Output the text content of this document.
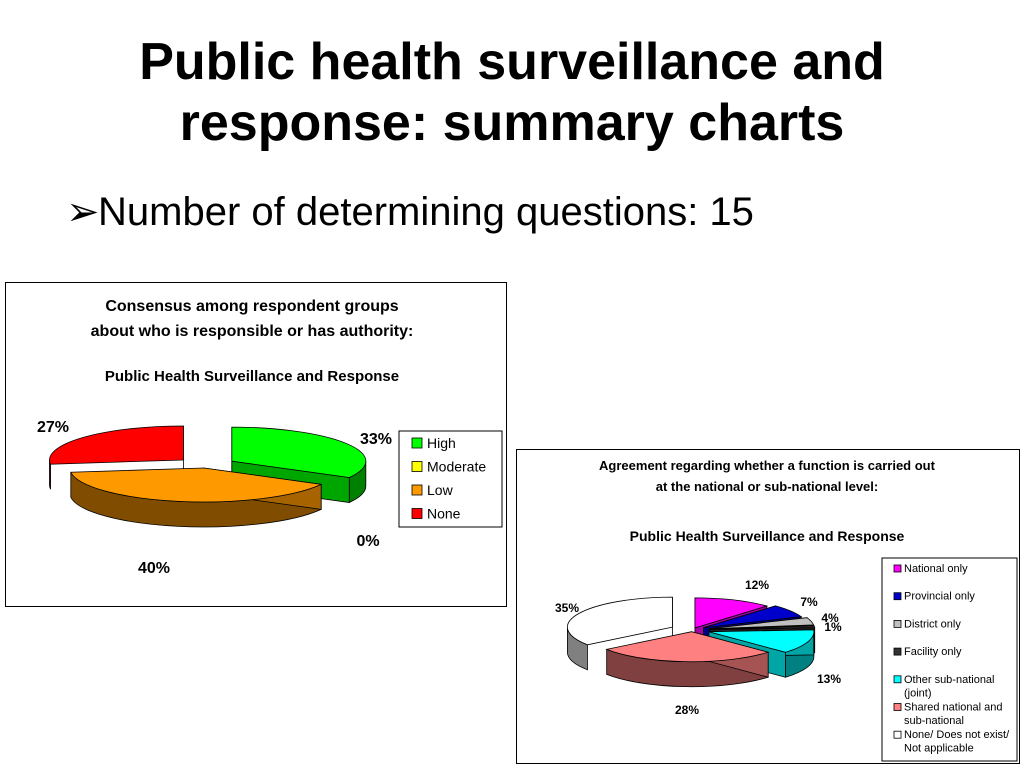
Public health surveillance and response: summary charts
➢Number of determining questions: 15
Consensus among respondent groups
about who is responsible or has authority:
Public Health Surveillance and Response
33%
0%
40%
27%
High
Moderate
Low
None
Agreement regarding whether a function is carried out
at the national or sub-national level:
Public Health Surveillance and Response
12%
7%
4%
1%
13%
28%
35%
National only
Provincial only
District only
Facility only
Other sub-national
(joint)
Shared national and
sub-national
None/ Does not exist/
Not applicable
